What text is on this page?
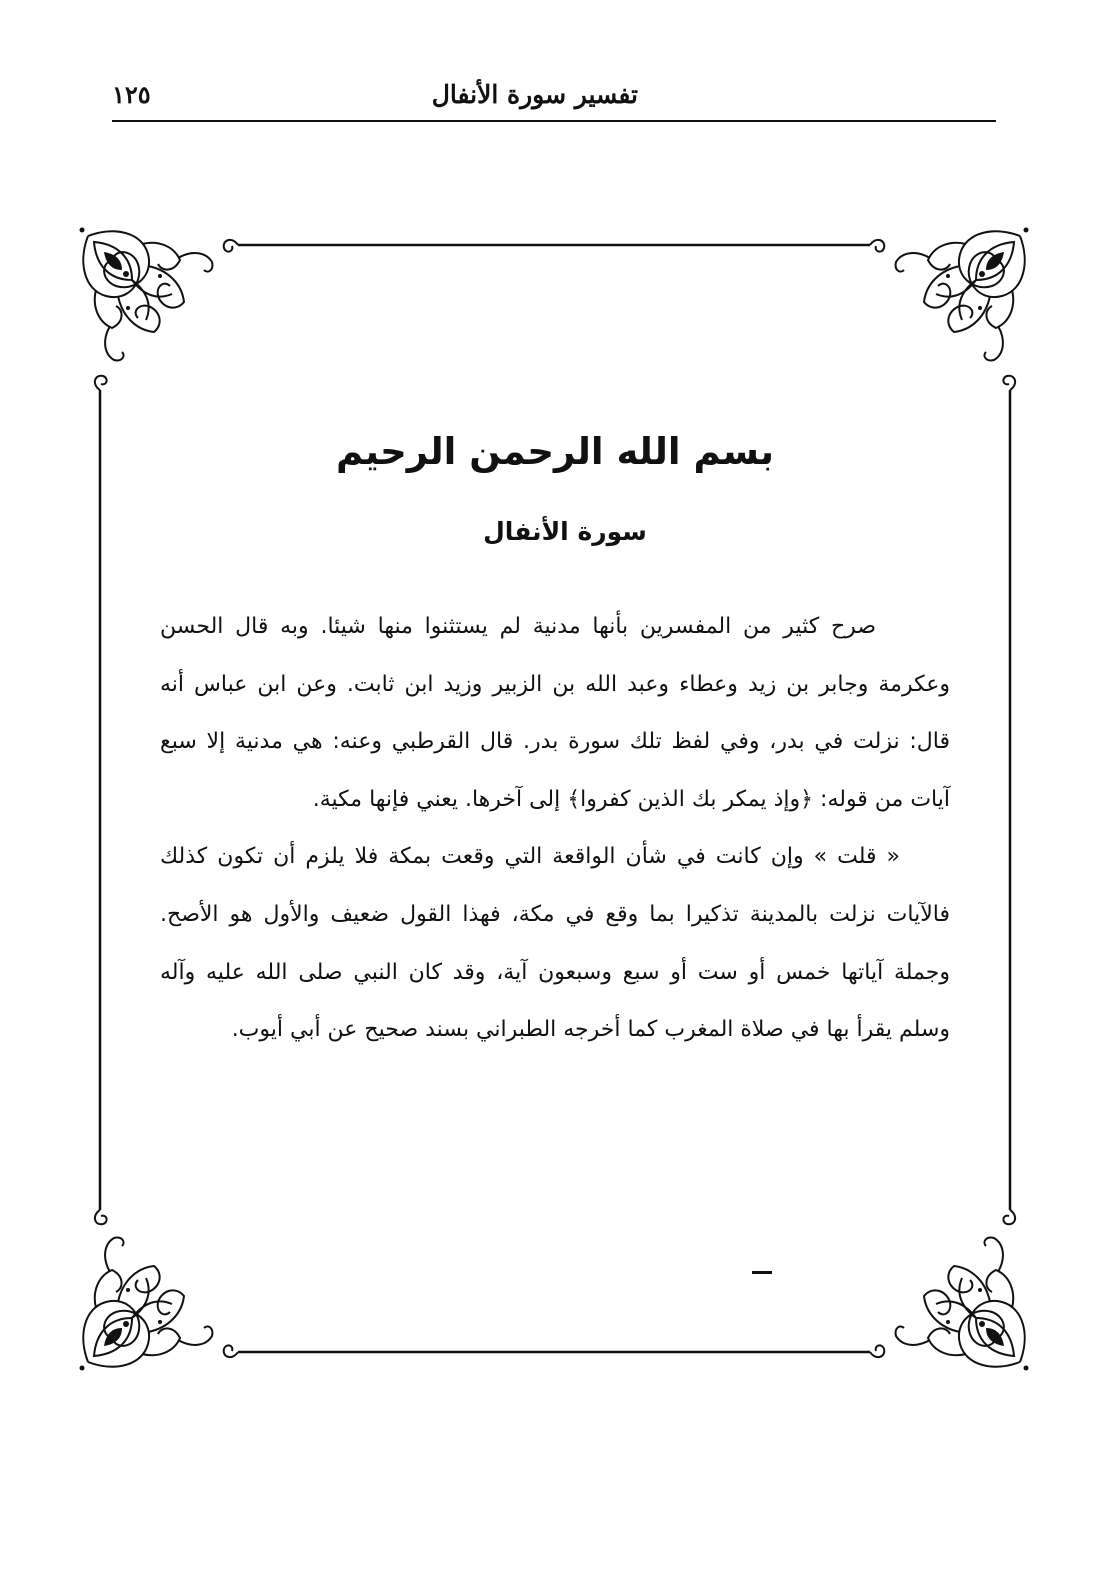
تفسير سورة الأنفال
١٢٥
بسم الله الرحمن الرحيم
سورة الأنفال

صرح كثير من المفسرين بأنها مدنية لم يستثنوا منها شيئا. وبه قال الحسن وعكرمة وجابر بن زيد وعطاء وعبد الله بن الزبير وزيد ابن ثابت. وعن ابن عباس أنه قال: نزلت في بدر، وفي لفظ تلك سورة بدر. قال القرطبي وعنه: هي مدنية إلا سبع آيات من قوله: ﴿وإذ يمكر بك الذين كفروا﴾ إلى آخرها. يعني فإنها مكية.

« قلت » وإن كانت في شأن الواقعة التي وقعت بمكة فلا يلزم أن تكون كذلك فالآيات نزلت بالمدينة تذكيرا بما وقع في مكة، فهذا القول ضعيف والأول هو الأصح. وجملة آياتها خمس أو ست أو سبع وسبعون آية، وقد كان النبي صلى الله عليه وآله وسلم يقرأ بها في صلاة المغرب كما أخرجه الطبراني بسند صحيح عن أبي أيوب.
